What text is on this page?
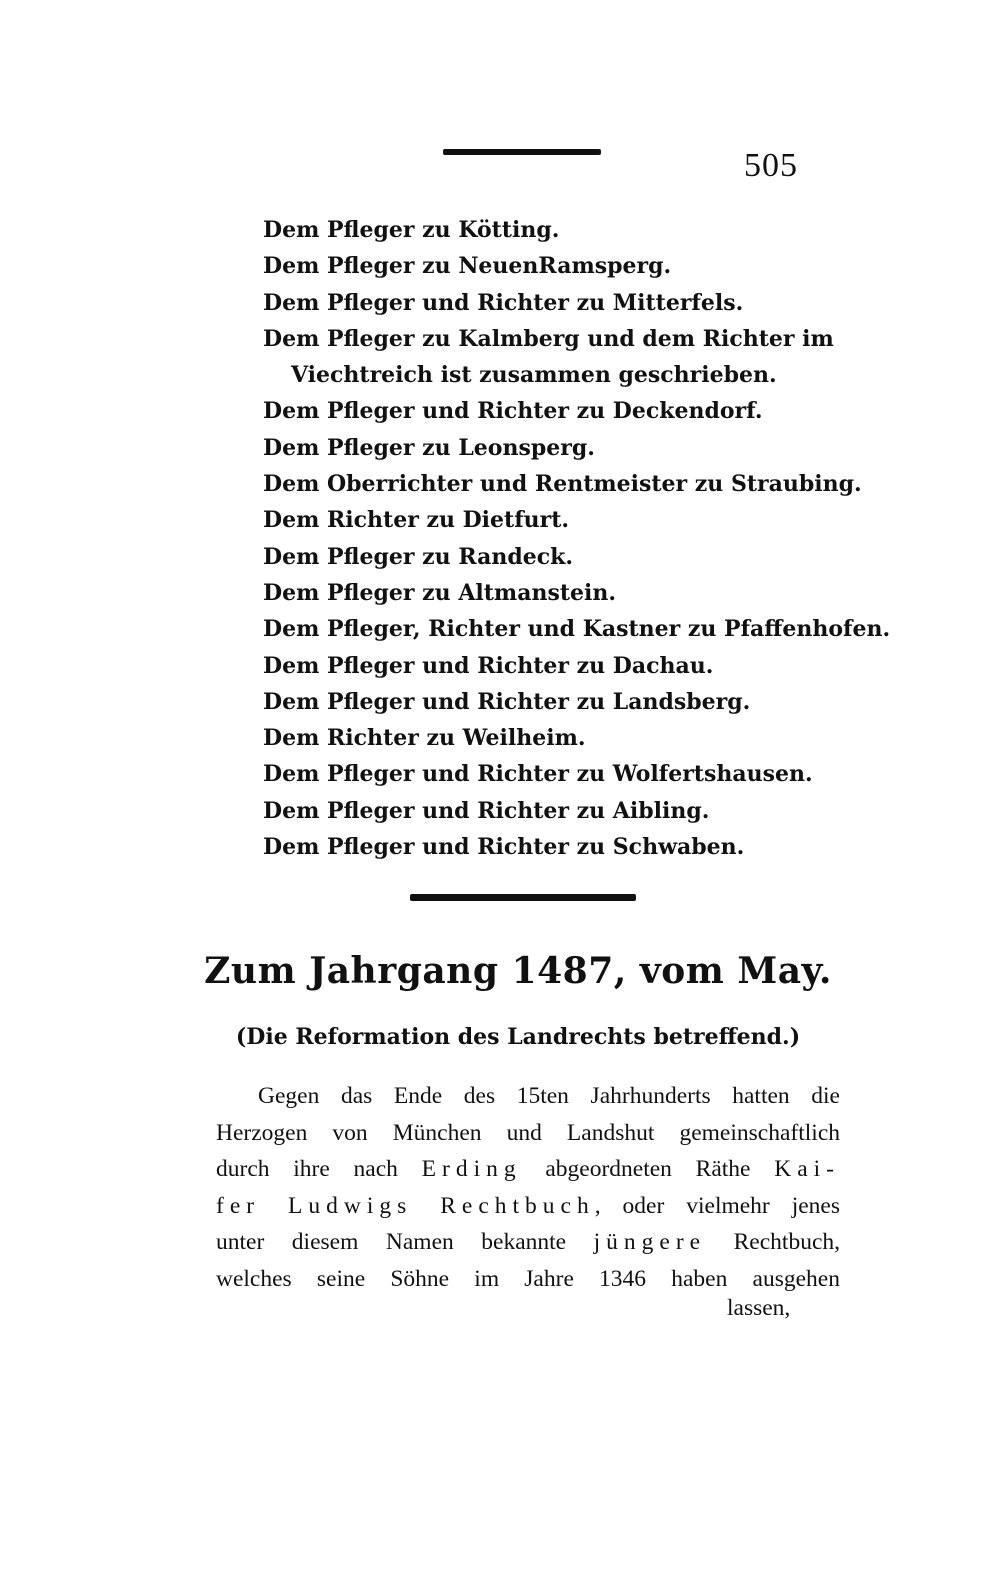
505
Dem Pfleger zu Kötting.
Dem Pfleger zu NeuenRamsperg.
Dem Pfleger und Richter zu Mitterfels.
Dem Pfleger zu Kalmberg und dem Richter im
Viechtreich ist zusammen geschrieben.
Dem Pfleger und Richter zu Deckendorf.
Dem Pfleger zu Leonsperg.
Dem Oberrichter und Rentmeister zu Straubing.
Dem Richter zu Dietfurt.
Dem Pfleger zu Randeck.
Dem Pfleger zu Altmanstein.
Dem Pfleger, Richter und Kastner zu Pfaffenhofen.
Dem Pfleger und Richter zu Dachau.
Dem Pfleger und Richter zu Landsberg.
Dem Richter zu Weilheim.
Dem Pfleger und Richter zu Wolfertshausen.
Dem Pfleger und Richter zu Aibling.
Dem Pfleger und Richter zu Schwaben.
Zum Jahrgang 1487, vom May.
(Die Reformation des Landrechts betreffend.)
Gegen das Ende des 15ten Jahrhunderts hatten die
Herzogen von München und Landshut gemeinschaftlich
durch ihre nach Erding abgeordneten Räthe Kai-
fer Ludwigs Rechtbuch, oder vielmehr jenes
unter diesem Namen bekannte jüngere Rechtbuch,
welches seine Söhne im Jahre 1346 haben ausgehen
lassen,
